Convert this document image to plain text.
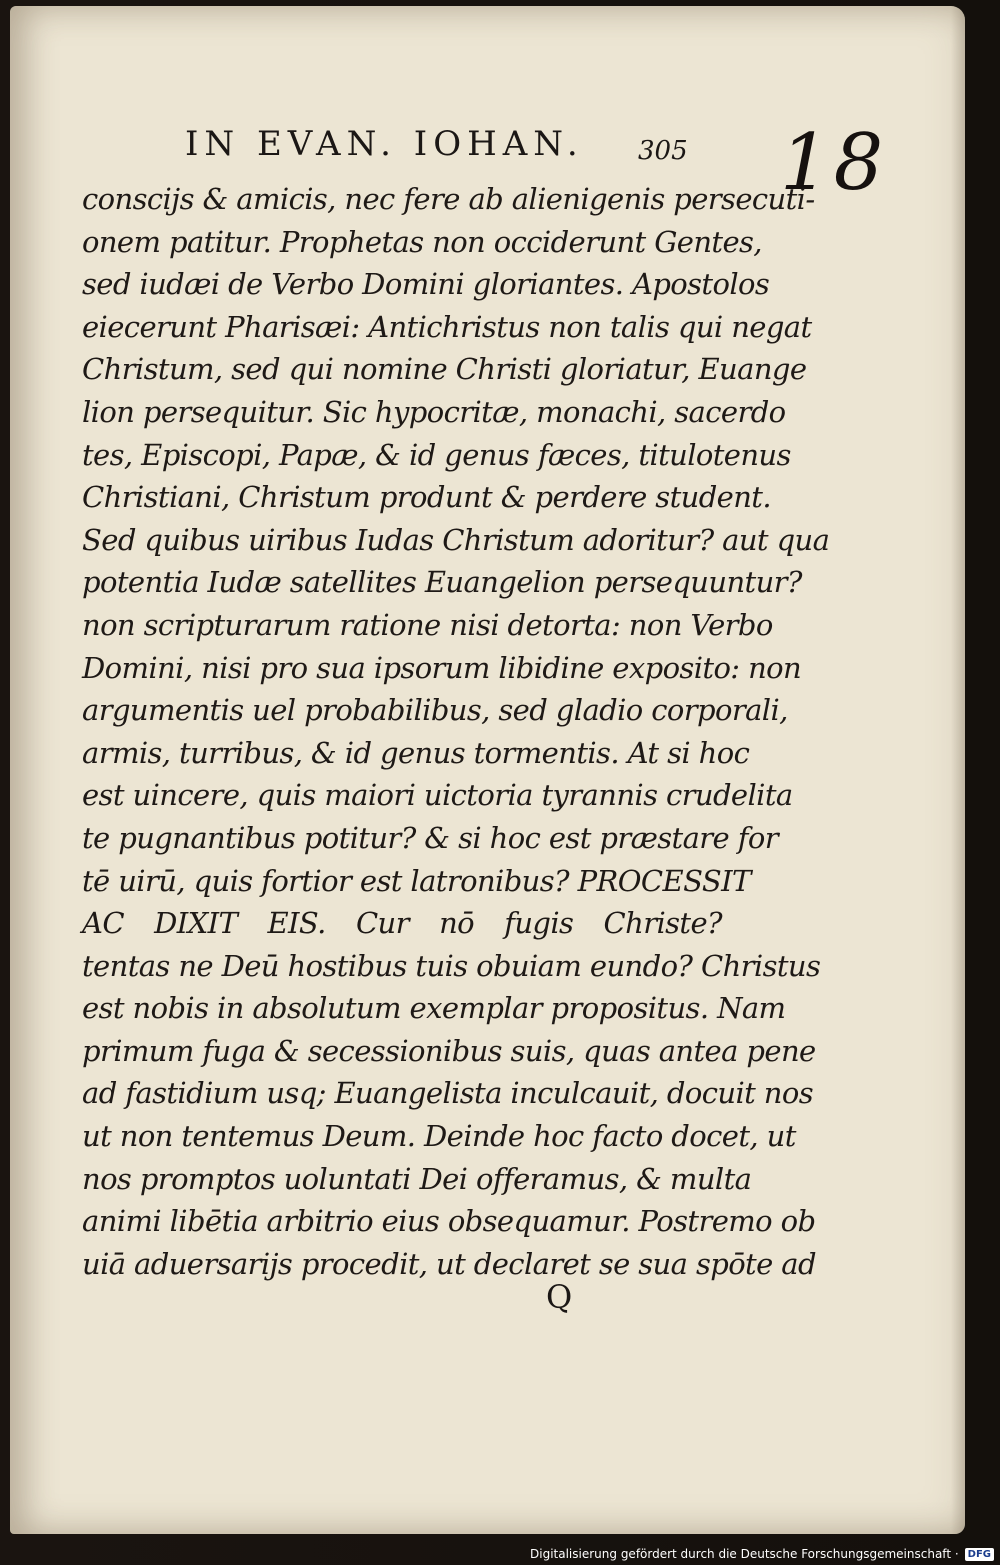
IN EVAN. IOHAN. 305 18
conscijs & amicis, nec fere ab alienigenis persecuti-
onem patitur. Prophetas non occiderunt Gentes,
sed iudæi de Verbo Domini gloriantes. Apostolos
eiecerunt Pharisæi: Antichristus non talis qui negat
Christum, sed qui nomine Christi gloriatur, Euange
lion persequitur. Sic hypocritæ, monachi, sacerdo
tes, Episcopi, Papæ, & id genus fæces, titulotenus
Christiani, Christum produnt & perdere student.
Sed quibus uiribus Iudas Christum adoritur? aut qua
potentia Iudæ satellites Euangelion persequuntur?
non scripturarum ratione nisi detorta: non Verbo
Domini, nisi pro sua ipsorum libidine exposito: non
argumentis uel probabilibus, sed gladio corporali,
armis, turribus, & id genus tormentis. At si hoc
est uincere, quis maiori uictoria tyrannis crudelita
te pugnantibus potitur? & si hoc est præstare for
tē uirū, quis fortior est latronibus? PROCESSIT
AC DIXIT EIS. Cur nō fugis Christe?
tentas ne Deū hostibus tuis obuiam eundo? Christus
est nobis in absolutum exemplar propositus. Nam
primum fuga & secessionibus suis, quas antea pene
ad fastidium usq; Euangelista inculcauit, docuit nos
ut non tentemus Deum. Deinde hoc facto docet, ut
nos promptos uoluntati Dei offeramus, & multa
animi libētia arbitrio eius obsequamur. Postremo ob
uiā aduersarijs procedit, ut declaret se sua spōte ad
Q
Digitalisierung gefördert durch die Deutsche Forschungsgemeinschaft · DFG
